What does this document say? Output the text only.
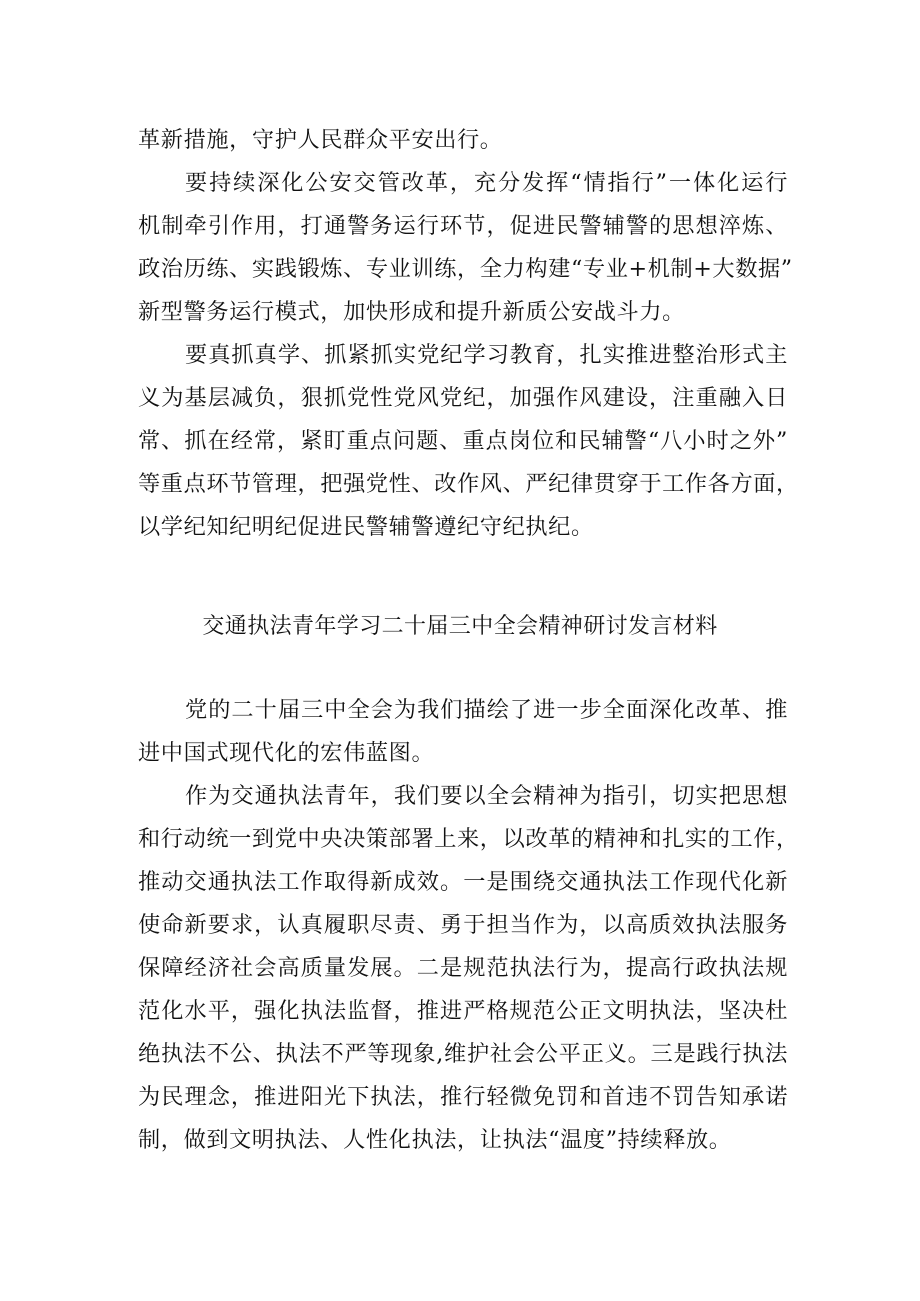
革新措施，守护人民群众平安出行。
要持续深化公安交管改革，充分发挥“情指行”一体化运行
机制牵引作用，打通警务运行环节，促进民警辅警的思想淬炼、
政治历练、实践锻炼、专业训练，全力构建“专业+机制+大数据”
新型警务运行模式，加快形成和提升新质公安战斗力。
要真抓真学、抓紧抓实党纪学习教育，扎实推进整治形式主
义为基层减负，狠抓党性党风党纪，加强作风建设，注重融入日
常、抓在经常，紧盯重点问题、重点岗位和民辅警“八小时之外”
等重点环节管理，把强党性、改作风、严纪律贯穿于工作各方面，
以学纪知纪明纪促进民警辅警遵纪守纪执纪。
交通执法青年学习二十届三中全会精神研讨发言材料
党的二十届三中全会为我们描绘了进一步全面深化改革、推
进中国式现代化的宏伟蓝图。
作为交通执法青年，我们要以全会精神为指引，切实把思想
和行动统一到党中央决策部署上来，以改革的精神和扎实的工作，
推动交通执法工作取得新成效。一是围绕交通执法工作现代化新
使命新要求，认真履职尽责、勇于担当作为，以高质效执法服务
保障经济社会高质量发展。二是规范执法行为，提高行政执法规
范化水平，强化执法监督，推进严格规范公正文明执法，坚决杜
绝执法不公、执法不严等现象,维护社会公平正义。三是践行执法
为民理念，推进阳光下执法，推行轻微免罚和首违不罚告知承诺
制，做到文明执法、人性化执法，让执法“温度”持续释放。
